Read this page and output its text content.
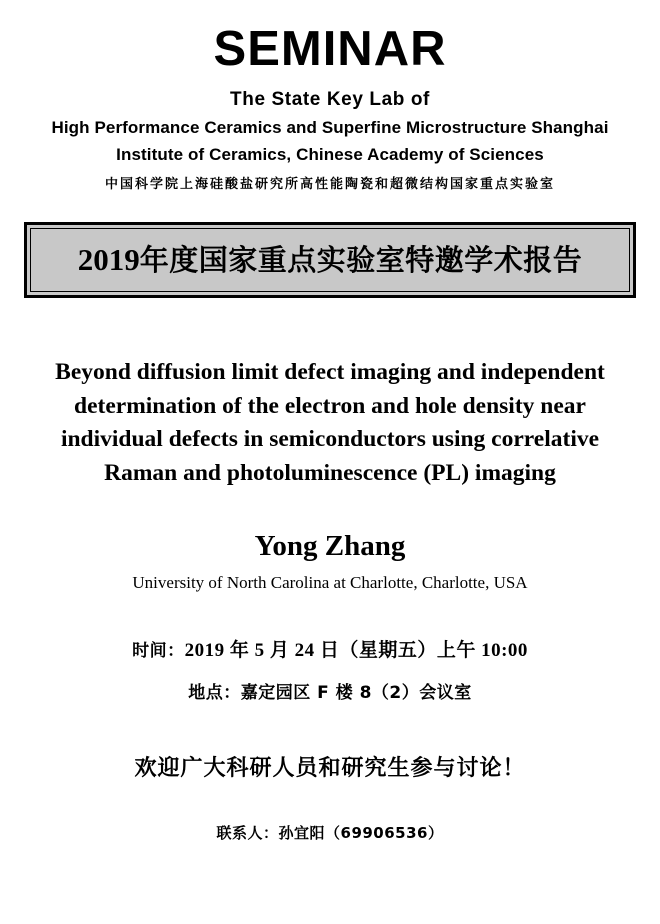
SEMINAR
The State Key Lab of
High Performance Ceramics and Superfine Microstructure Shanghai
Institute of Ceramics, Chinese Academy of Sciences
中国科学院上海硅酸盐研究所高性能陶瓷和超微结构国家重点实验室
2019年度国家重点实验室特邀学术报告
Beyond diffusion limit defect imaging and independent
determination of the electron and hole density near
individual defects in semiconductors using correlative
Raman and photoluminescence (PL) imaging
Yong Zhang
University of North Carolina at Charlotte, Charlotte, USA
时间：2019 年 5 月 24 日（星期五）上午 10:00
地点：嘉定园区 F 楼 8（2）会议室
欢迎广大科研人员和研究生参与讨论！
联系人：孙宜阳（69906536）
